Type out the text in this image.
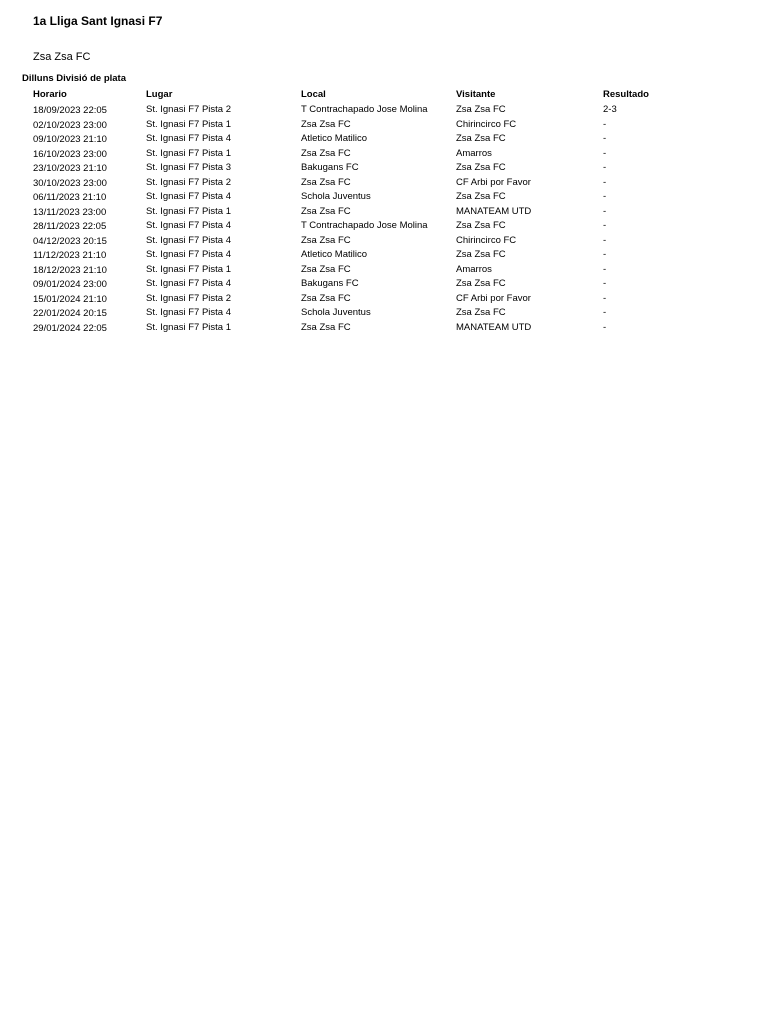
1a Lliga Sant Ignasi F7
Zsa Zsa FC
Dilluns Divisió de plata
Horario	Lugar	Local	Visitante	Resultado
18/09/2023 22:05	St. Ignasi F7 Pista 2	T Contrachapado Jose Molina	Zsa Zsa FC	2-3
02/10/2023 23:00	St. Ignasi F7 Pista 1	Zsa Zsa FC	Chirincirco FC	-
09/10/2023 21:10	St. Ignasi F7 Pista 4	Atletico Matilico	Zsa Zsa FC	-
16/10/2023 23:00	St. Ignasi F7 Pista 1	Zsa Zsa FC	Amarros	-
23/10/2023 21:10	St. Ignasi F7 Pista 3	Bakugans FC	Zsa Zsa FC	-
30/10/2023 23:00	St. Ignasi F7 Pista 2	Zsa Zsa FC	CF Arbi por Favor	-
06/11/2023 21:10	St. Ignasi F7 Pista 4	Schola Juventus	Zsa Zsa FC	-
13/11/2023 23:00	St. Ignasi F7 Pista 1	Zsa Zsa FC	MANATEAM UTD	-
28/11/2023 22:05	St. Ignasi F7 Pista 4	T Contrachapado Jose Molina	Zsa Zsa FC	-
04/12/2023 20:15	St. Ignasi F7 Pista 4	Zsa Zsa FC	Chirincirco FC	-
11/12/2023 21:10	St. Ignasi F7 Pista 4	Atletico Matilico	Zsa Zsa FC	-
18/12/2023 21:10	St. Ignasi F7 Pista 1	Zsa Zsa FC	Amarros	-
09/01/2024 23:00	St. Ignasi F7 Pista 4	Bakugans FC	Zsa Zsa FC	-
15/01/2024 21:10	St. Ignasi F7 Pista 2	Zsa Zsa FC	CF Arbi por Favor	-
22/01/2024 20:15	St. Ignasi F7 Pista 4	Schola Juventus	Zsa Zsa FC	-
29/01/2024 22:05	St. Ignasi F7 Pista 1	Zsa Zsa FC	MANATEAM UTD	-
